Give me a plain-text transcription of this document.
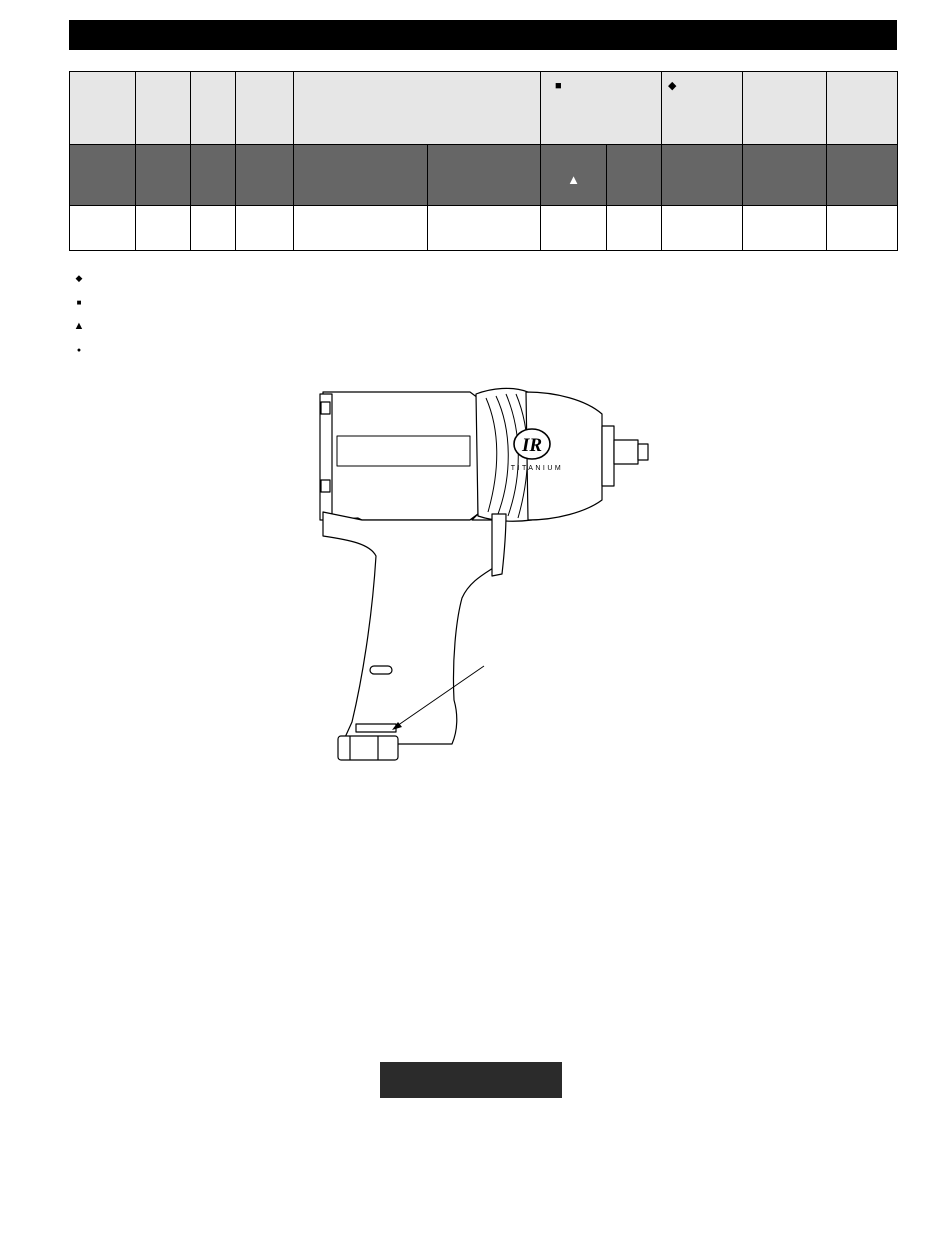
						■		◆		

						▲				

◆
■
▲
●
IR
TITANIUM
